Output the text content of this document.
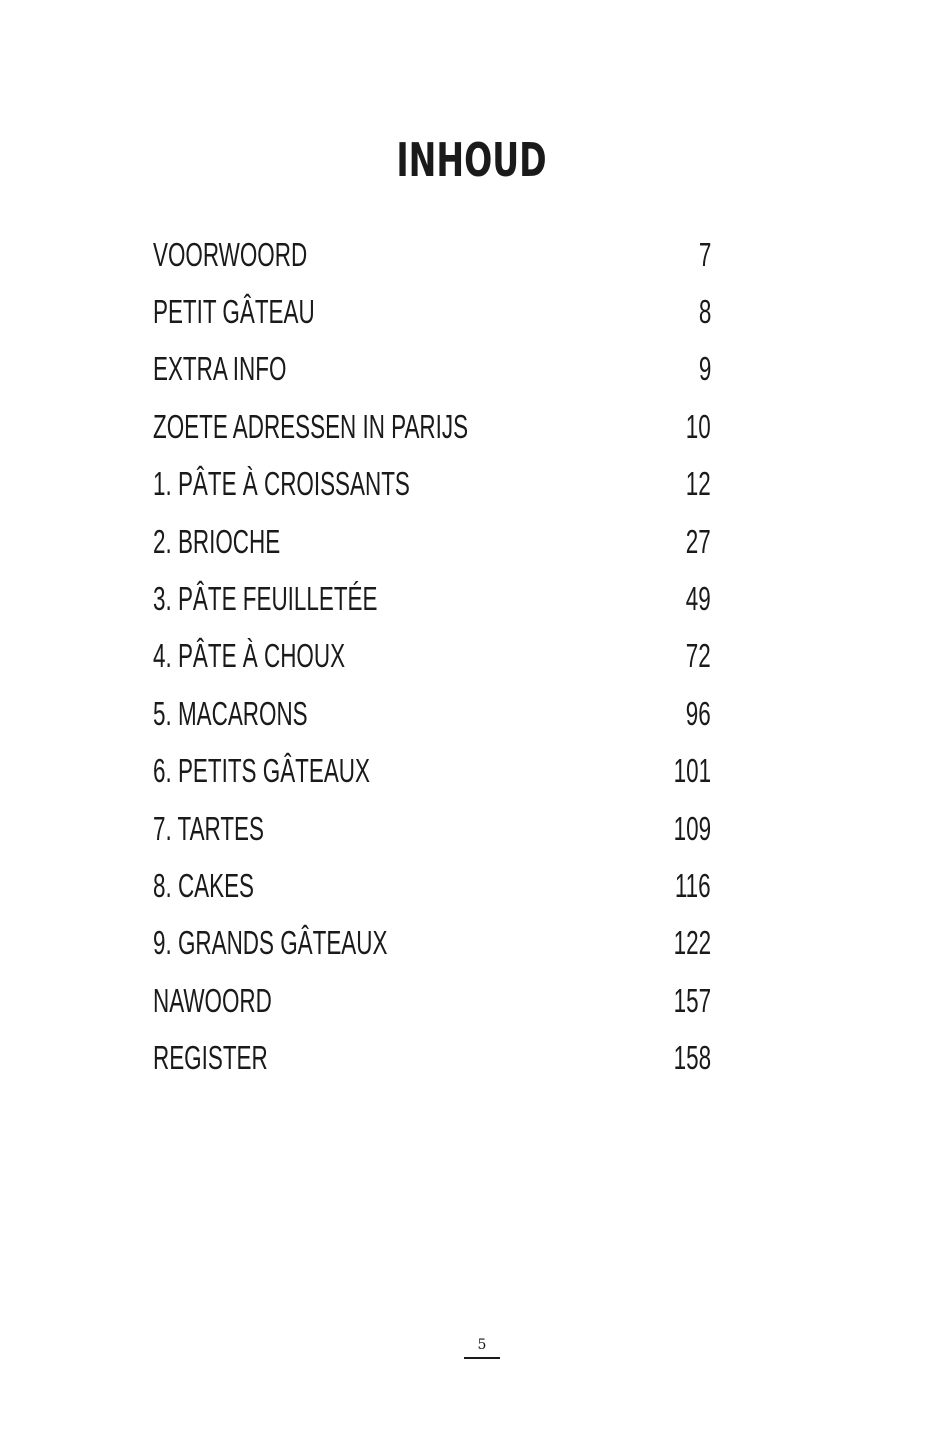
INHOUD
VOORWOORD	7
PETIT GÂTEAU	8
EXTRA INFO	9
ZOETE ADRESSEN IN PARIJS	10
1. PÂTE À CROISSANTS	12
2. BRIOCHE	27
3. PÂTE FEUILLETÉE	49
4. PÂTE À CHOUX	72
5. MACARONS	96
6. PETITS GÂTEAUX	101
7. TARTES	109
8. CAKES	116
9. GRANDS GÂTEAUX	122
NAWOORD	157
REGISTER	158
5
